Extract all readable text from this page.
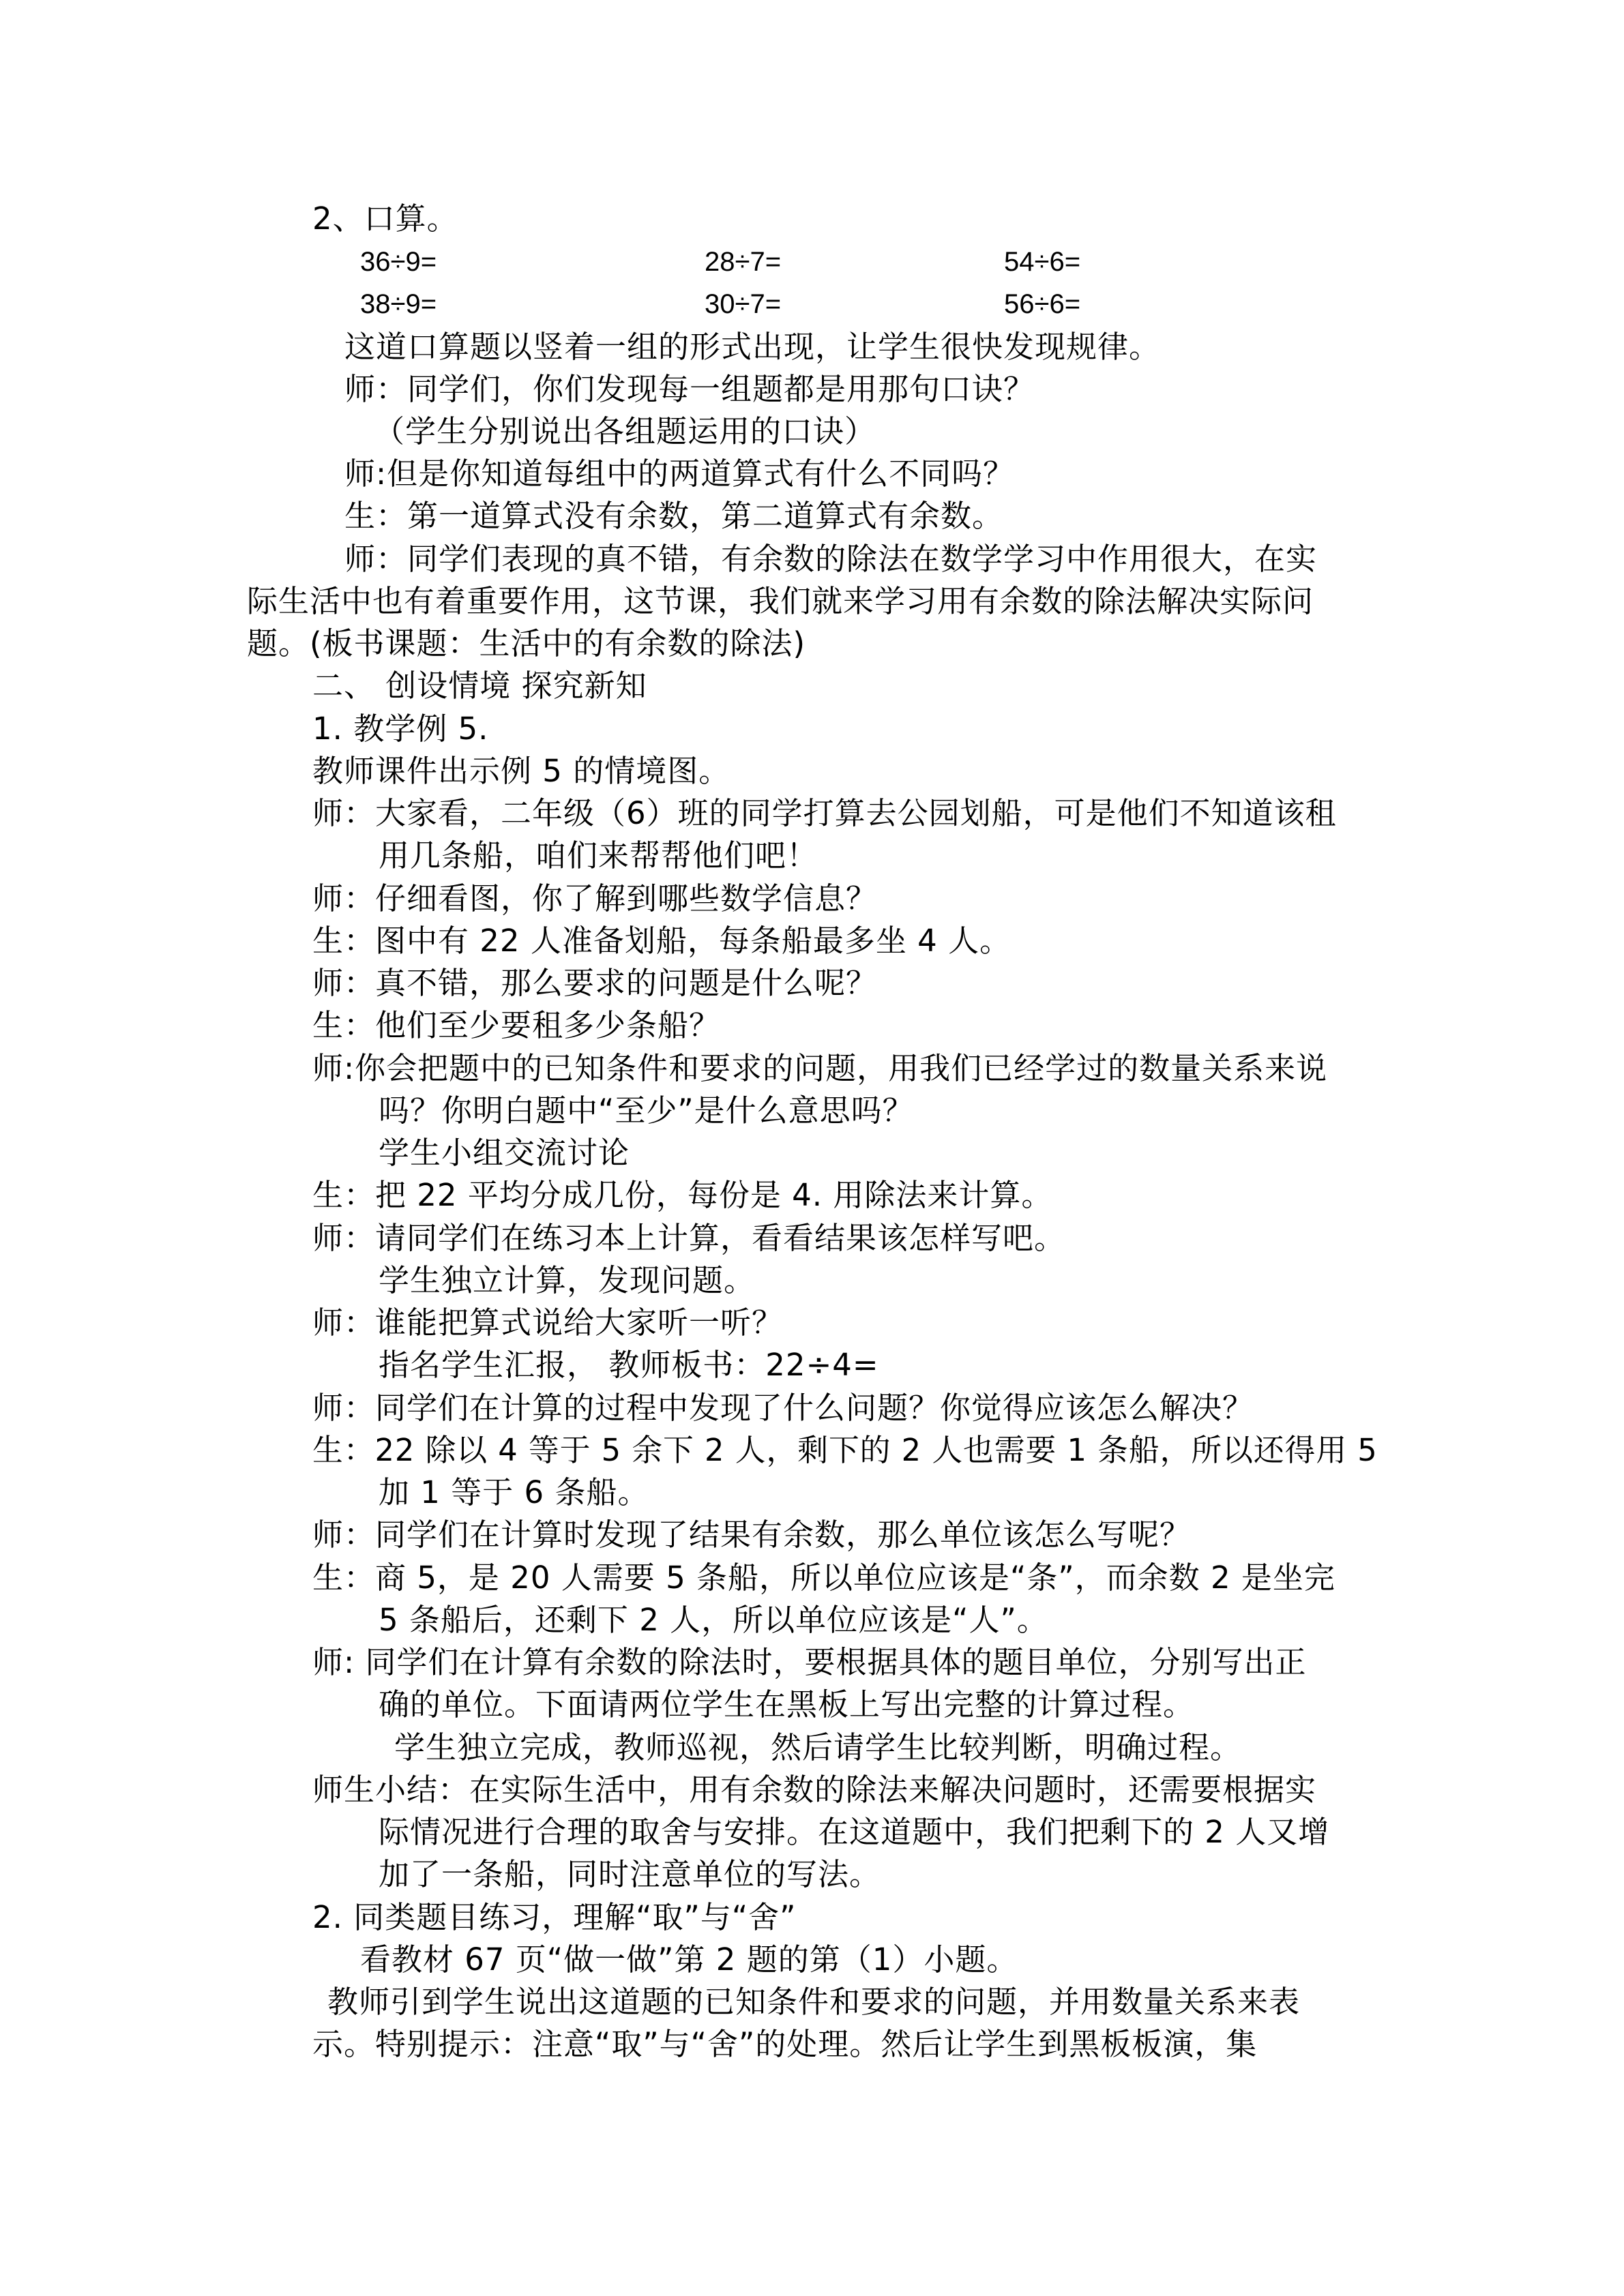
2、口算。
36÷9=	28÷7=	54÷6=
38÷9=	30÷7=	56÷6=
这道口算题以竖着一组的形式出现，让学生很快发现规律。
师：同学们，你们发现每一组题都是用那句口诀？
（学生分别说出各组题运用的口诀）
师:但是你知道每组中的两道算式有什么不同吗？
生：第一道算式没有余数，第二道算式有余数。
师：同学们表现的真不错，有余数的除法在数学学习中作用很大，在实
际生活中也有着重要作用，这节课，我们就来学习用有余数的除法解决实际问
题。(板书课题：生活中的有余数的除法)
二、 创设情境 探究新知
1. 教学例 5.
教师课件出示例 5 的情境图。
师：大家看，二年级（6）班的同学打算去公园划船，可是他们不知道该租
用几条船，咱们来帮帮他们吧！
师：仔细看图，你了解到哪些数学信息？
生：图中有 22 人准备划船，每条船最多坐 4 人。
师：真不错，那么要求的问题是什么呢？
生：他们至少要租多少条船？
师:你会把题中的已知条件和要求的问题，用我们已经学过的数量关系来说
吗？你明白题中“至少”是什么意思吗？
学生小组交流讨论
生：把 22 平均分成几份，每份是 4. 用除法来计算。
师：请同学们在练习本上计算，看看结果该怎样写吧。
学生独立计算，发现问题。
师：谁能把算式说给大家听一听？
指名学生汇报， 教师板书：22÷4=
师：同学们在计算的过程中发现了什么问题？你觉得应该怎么解决？
生：22 除以 4 等于 5 余下 2 人，剩下的 2 人也需要 1 条船，所以还得用 5
加 1 等于 6 条船。
师：同学们在计算时发现了结果有余数，那么单位该怎么写呢？
生：商 5，是 20 人需要 5 条船，所以单位应该是“条”，而余数 2 是坐完
5 条船后，还剩下 2 人，所以单位应该是“人”。
师: 同学们在计算有余数的除法时，要根据具体的题目单位，分别写出正
确的单位。下面请两位学生在黑板上写出完整的计算过程。
学生独立完成，教师巡视，然后请学生比较判断，明确过程。
师生小结：在实际生活中，用有余数的除法来解决问题时，还需要根据实
际情况进行合理的取舍与安排。在这道题中，我们把剩下的 2 人又增
加了一条船，同时注意单位的写法。
2. 同类题目练习，理解“取”与“舍”
看教材 67 页“做一做”第 2 题的第（1）小题。
教师引到学生说出这道题的已知条件和要求的问题，并用数量关系来表
示。特别提示：注意“取”与“舍”的处理。然后让学生到黑板板演，集
